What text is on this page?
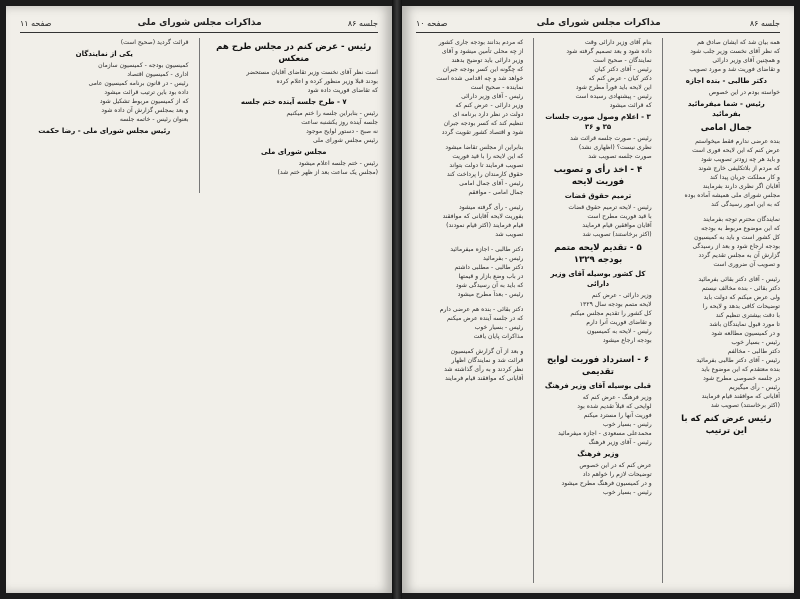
جلسه ۸۶
مذاکرات مجلس شورای ملی
صفحه ۱۱
رئیس - عرض کنم در مجلس طرح هم منعکس
است نظر آقای نخست وزیر تقاضای آقایان مستحضر
بودند قبلا وزیر منظور کرده و اعلام کرده
که تقاضای فوریت داده شود
۷ - طرح جلسه آینده ختم جلسه
رئیس - بنابراین جلسه را ختم میکنیم
جلسه آینده روز یکشنبه ساعت
نه صبح - دستور لوایح موجود
رئیس مجلس شورای ملی
مجلس شورای ملی
رئیس - ختم جلسه اعلام میشود
(مجلس یک ساعت بعد از ظهر ختم شد)
قرائت گردید (صحیح است)
یکی از نمایندگان
کمیسیون بودجه - کمیسیون سازمان
اداری - کمیسیون اقتصاد
رئیس - در قانون برنامه کمیسیون عامی
داده بود باین ترتیب قرائت میشود
که از کمیسیون مربوط تشکیل شود
و بعد بمجلس گزارش آن داده شود
بعنوان رئیس - خاتمه جلسه
رئیس مجلس شورای ملی - رضا حکمت
جلسه ۸۶
مذاکرات مجلس شورای ملی
صفحه ۱۰
همه بیان شد که ایشان صادق هم
که نظر آقای نخست وزیر جلب شود
و همچنین آقای وزیر دارائی
و تقاضای فوریت شد و مورد تصویب
دکتر طالبی - بنده اجازه
خواسته بودم در این خصوص
رئیس - شما میفرمائید بفرمائید
جمال امامی
بنده عرضی ندارم فقط میخواستم
عرض کنم که این لایحه فوری است
و باید هر چه زودتر تصویب شود
که مردم از بلاتکلیفی خارج شوند
و کار مملکت جریان پیدا کند
آقایان اگر نظری دارند بفرمایند
مجلس شورای ملی همیشه آماده بوده
که به این امور رسیدگی کند
نمایندگان محترم توجه بفرمایند
که این موضوع مربوط به بودجه
کل کشور است و باید به کمیسیون
بودجه ارجاع شود و بعد از رسیدگی
گزارش آن به مجلس تقدیم گردد
و تصویب آن ضروری است
رئیس - آقای دکتر بقائی بفرمائید
دکتر بقائی - بنده مخالف نیستم
ولی عرض میکنم که دولت باید
توضیحات کافی بدهد و لایحه را
با دقت بیشتری تنظیم کند
تا مورد قبول نمایندگان باشد
و در کمیسیون مطالعه شود
رئیس - بسیار خوب
دکتر طالبی - مخالفم
رئیس - آقای دکتر طالبی بفرمائید
بنده معتقدم که این موضوع باید
در جلسه خصوصی مطرح شود
رئیس - رأی میگیریم
آقایانی که موافقند قیام فرمایند
(اکثر برخاستند) تصویب شد
رئیس عرض کنم که با این ترتیب
بنام آقای وزیر دارائی وقت
داده شود و بعد تصمیم گرفته شود
نمایندگان - صحیح است
رئیس - آقای دکتر کیان
دکتر کیان - عرض کنم که
این لایحه باید فوراً مطرح شود
رئیس - پیشنهادی رسیده است
که قرائت میشود
۳ - اعلام وصول صورت جلسات ۳۵ و ۳۶
رئیس - صورت جلسه قرائت شد
نظری نیست؟ (اظهاری نشد)
صورت جلسه تصویب شد
۴ - اخذ رأی و تصویب فوریت لایحه
ترمیم حقوق قضات
رئیس - لایحه ترمیم حقوق قضات
با قید فوریت مطرح است
آقایان موافقین قیام فرمایند
(اکثر برخاستند) تصویب شد
۵ - تقدیم لایحه متمم بودجه ۱۳۲۹
کل کشور بوسیله آقای وزیر دارائی
وزیر دارائی - عرض کنم
لایحه متمم بودجه سال ۱۳۲۹
کل کشور را تقدیم مجلس میکنم
و تقاضای فوریت آنرا دارم
رئیس - لایحه به کمیسیون
بودجه ارجاع میشود
۶ - استرداد فوریت لوایح تقدیمی
قبلی بوسیله آقای وزیر فرهنگ
وزیر فرهنگ - عرض کنم که
لوایحی که قبلاً تقدیم شده بود
فوریت آنها را مسترد میکنم
رئیس - بسیار خوب
محمدعلی مسعودی - اجازه میفرمائید
رئیس - آقای وزیر فرهنگ
وزیر فرهنگ
عرض کنم که در این خصوص
توضیحات لازم را خواهم داد
و در کمیسیون فرهنگ مطرح میشود
رئیس - بسیار خوب
که مردم بدانند بودجه جاری کشور
از چه محلی تأمین میشود و آقای
وزیر دارائی باید توضیح بدهند
که چگونه این کسر بودجه جبران
خواهد شد و چه اقدامی شده است
نماینده - صحیح است
رئیس - آقای وزیر دارائی
وزیر دارائی - عرض کنم که
دولت در نظر دارد برنامه ای
تنظیم کند که کسر بودجه جبران
شود و اقتصاد کشور تقویت گردد
بنابراین از مجلس تقاضا میشود
که این لایحه را با قید فوریت
تصویب فرمایند تا دولت بتواند
حقوق کارمندان را پرداخت کند
رئیس - آقای جمال امامی
جمال امامی - موافقم
رئیس - رأی گرفته میشود
بفوریت لایحه آقایانی که موافقند
قیام فرمایند (اکثر قیام نمودند)
تصویب شد
دکتر طالبی - اجازه میفرمائید
رئیس - بفرمائید
دکتر طالبی - مطلبی داشتم
در باب وضع بازار و قیمتها
که باید به آن رسیدگی شود
رئیس - بعداً مطرح میشود
دکتر بقائی - بنده هم عرضی دارم
که در جلسه آینده عرض میکنم
رئیس - بسیار خوب
مذاکرات پایان یافت
و بعد از آن گزارش کمیسیون
قرائت شد و نمایندگان اظهار
نظر کردند و به رأی گذاشته شد
آقایانی که موافقند قیام فرمایند
